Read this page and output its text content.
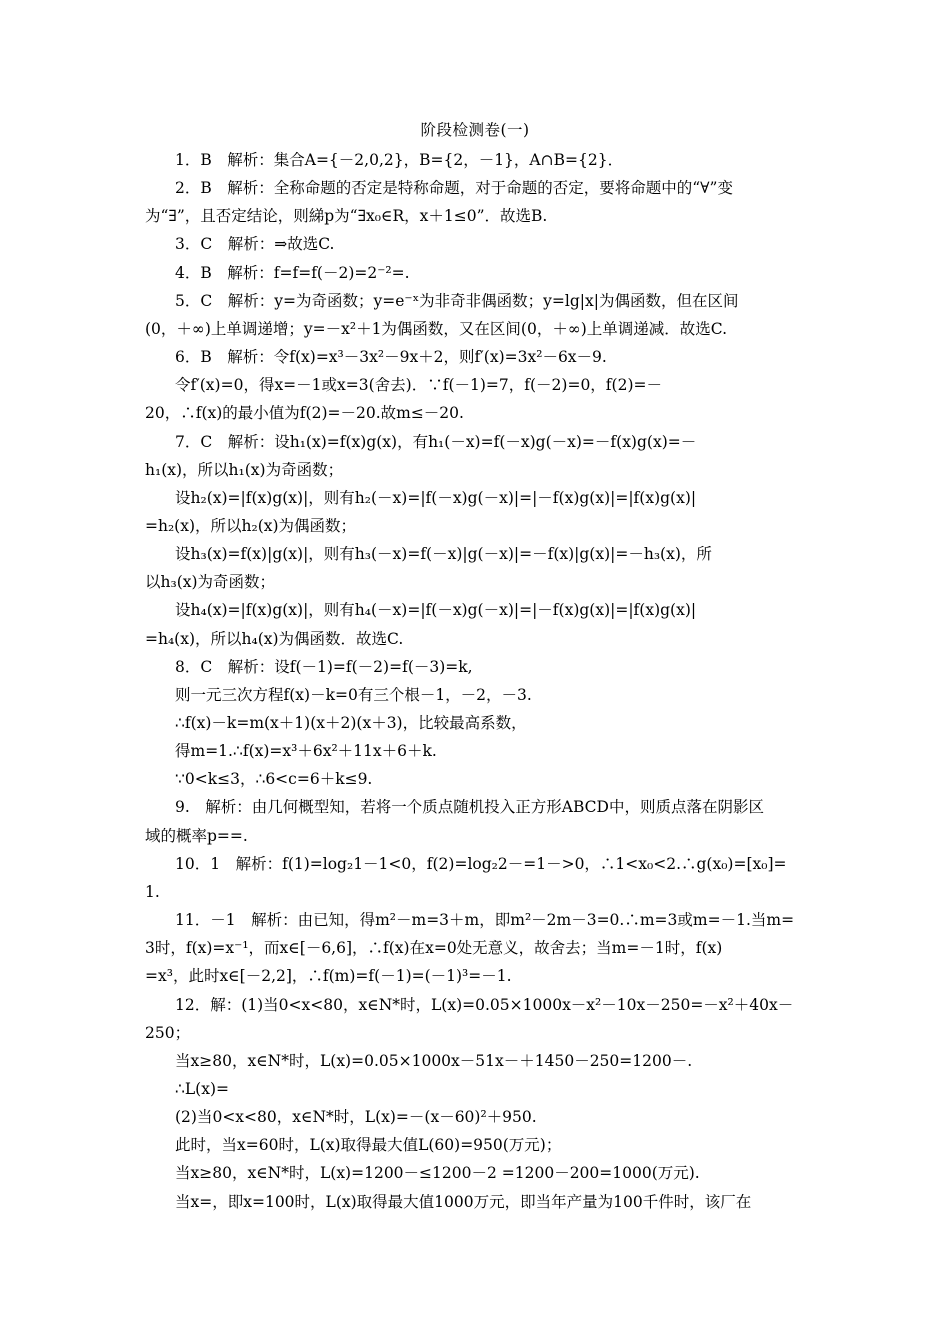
阶段检测卷(一)
1．B　解析：集合A={－2,0,2}，B={2，－1}，A∩B={2}．
2．B　解析：全称命题的否定是特称命题，对于命题的否定，要将命题中的“∀”变
为“∃”，且否定结论，则綈p为“∃x₀∈R，x＋1≤0”．故选B.
3．C　解析：⇒故选C.
4．B　解析：f=f=f(－2)=2⁻²=.
5．C　解析：y=为奇函数；y=e⁻ˣ为非奇非偶函数；y=lg|x|为偶函数，但在区间
(0，＋∞)上单调递增；y=－x²＋1为偶函数，又在区间(0，＋∞)上单调递减．故选C.
6．B　解析：令f(x)=x³－3x²－9x＋2，则f′(x)=3x²－6x－9.
令f′(x)=0，得x=－1或x=3(舍去)．∵f(－1)=7，f(－2)=0，f(2)=－
20，∴f(x)的最小值为f(2)=－20.故m≤－20.
7．C　解析：设h₁(x)=f(x)g(x)，有h₁(－x)=f(－x)g(－x)=－f(x)g(x)=－
h₁(x)，所以h₁(x)为奇函数；
设h₂(x)=|f(x)g(x)|，则有h₂(－x)=|f(－x)g(－x)|=|－f(x)g(x)|=|f(x)g(x)|
=h₂(x)，所以h₂(x)为偶函数；
设h₃(x)=f(x)|g(x)|，则有h₃(－x)=f(－x)|g(－x)|=－f(x)|g(x)|=－h₃(x)，所
以h₃(x)为奇函数；
设h₄(x)=|f(x)g(x)|，则有h₄(－x)=|f(－x)g(－x)|=|－f(x)g(x)|=|f(x)g(x)|
=h₄(x)，所以h₄(x)为偶函数．故选C.
8．C　解析：设f(－1)=f(－2)=f(－3)=k,
则一元三次方程f(x)－k=0有三个根－1，－2，－3.
∴f(x)－k=m(x＋1)(x＋2)(x＋3)，比较最高系数，
得m=1.∴f(x)=x³＋6x²＋11x＋6＋k.
∵0<k≤3，∴6<c=6＋k≤9.
9.　解析：由几何概型知，若将一个质点随机投入正方形ABCD中，则质点落在阴影区
域的概率p==.
10．1　解析：f(1)=log₂1－1<0，f(2)=log₂2－=1－>0，∴1<x₀<2.∴g(x₀)=[x₀]=
1.
11．－1　解析：由已知，得m²－m=3＋m，即m²－2m－3=0.∴m=3或m=－1.当m=
3时，f(x)=x⁻¹，而x∈[－6,6]，∴f(x)在x=0处无意义，故舍去；当m=－1时，f(x)
=x³，此时x∈[－2,2]，∴f(m)=f(－1)=(－1)³=－1.
12．解：(1)当0<x<80，x∈N*时，L(x)=0.05×1000x－x²－10x－250=－x²＋40x－
250；
当x≥80，x∈N*时，L(x)=0.05×1000x－51x－＋1450－250=1200－.
∴L(x)=
(2)当0<x<80，x∈N*时，L(x)=－(x－60)²＋950.
此时，当x=60时，L(x)取得最大值L(60)=950(万元)；
当x≥80，x∈N*时，L(x)=1200－≤1200－2 =1200－200=1000(万元).
当x=，即x=100时，L(x)取得最大值1000万元，即当年产量为100千件时，该厂在
